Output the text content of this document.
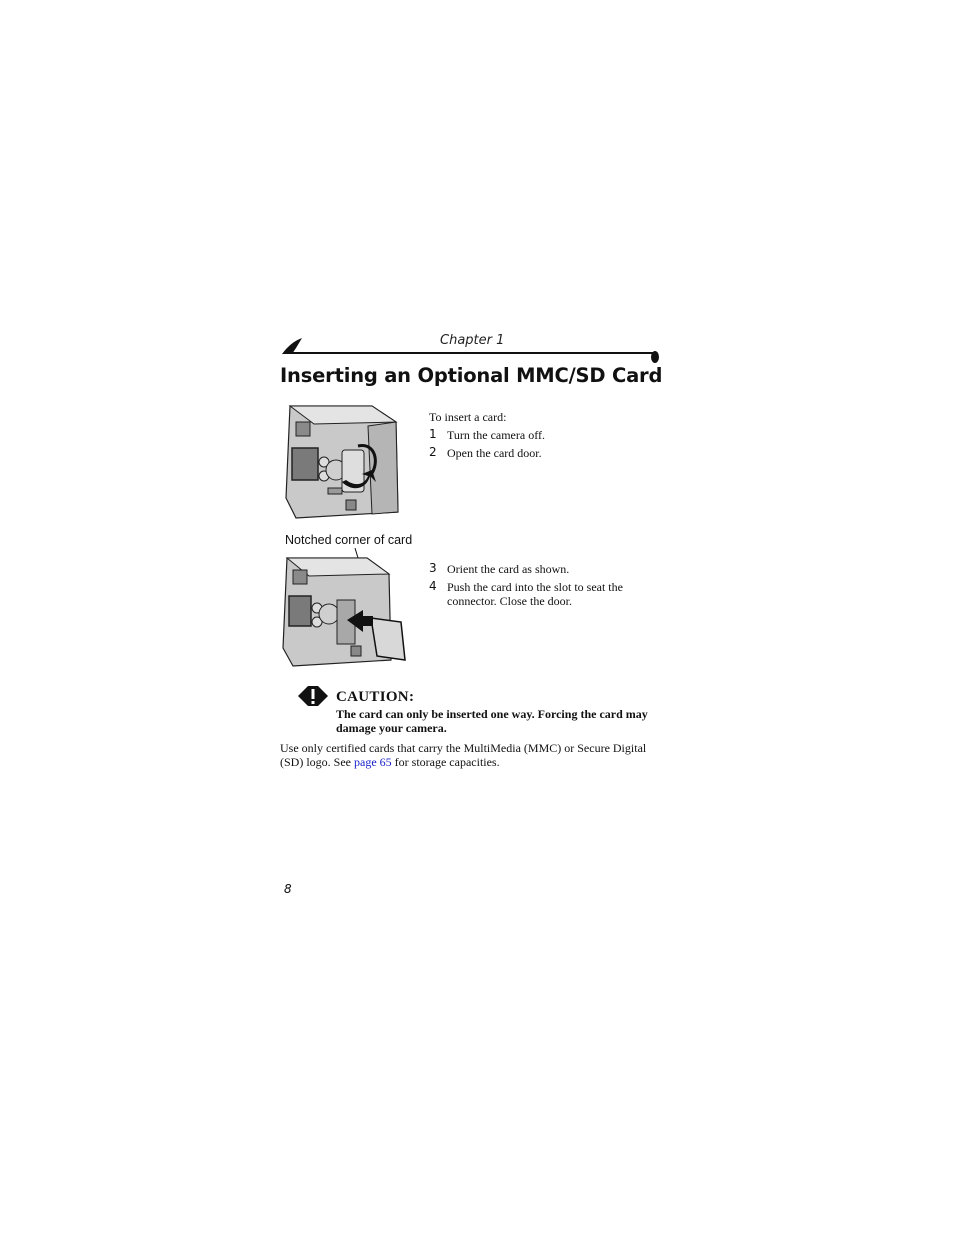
Chapter 1
Inserting an Optional MMC/SD Card
Notched corner of card
To insert a card:
1 Turn the camera off.
2 Open the card door.
3 Orient the card as shown.
4 Push the card into the slot to seat the connector. Close the door.
CAUTION:
The card can only be inserted one way. Forcing the card may damage your camera.
Use only certified cards that carry the MultiMedia (MMC) or Secure Digital (SD) logo. See page 65 for storage capacities.
8
